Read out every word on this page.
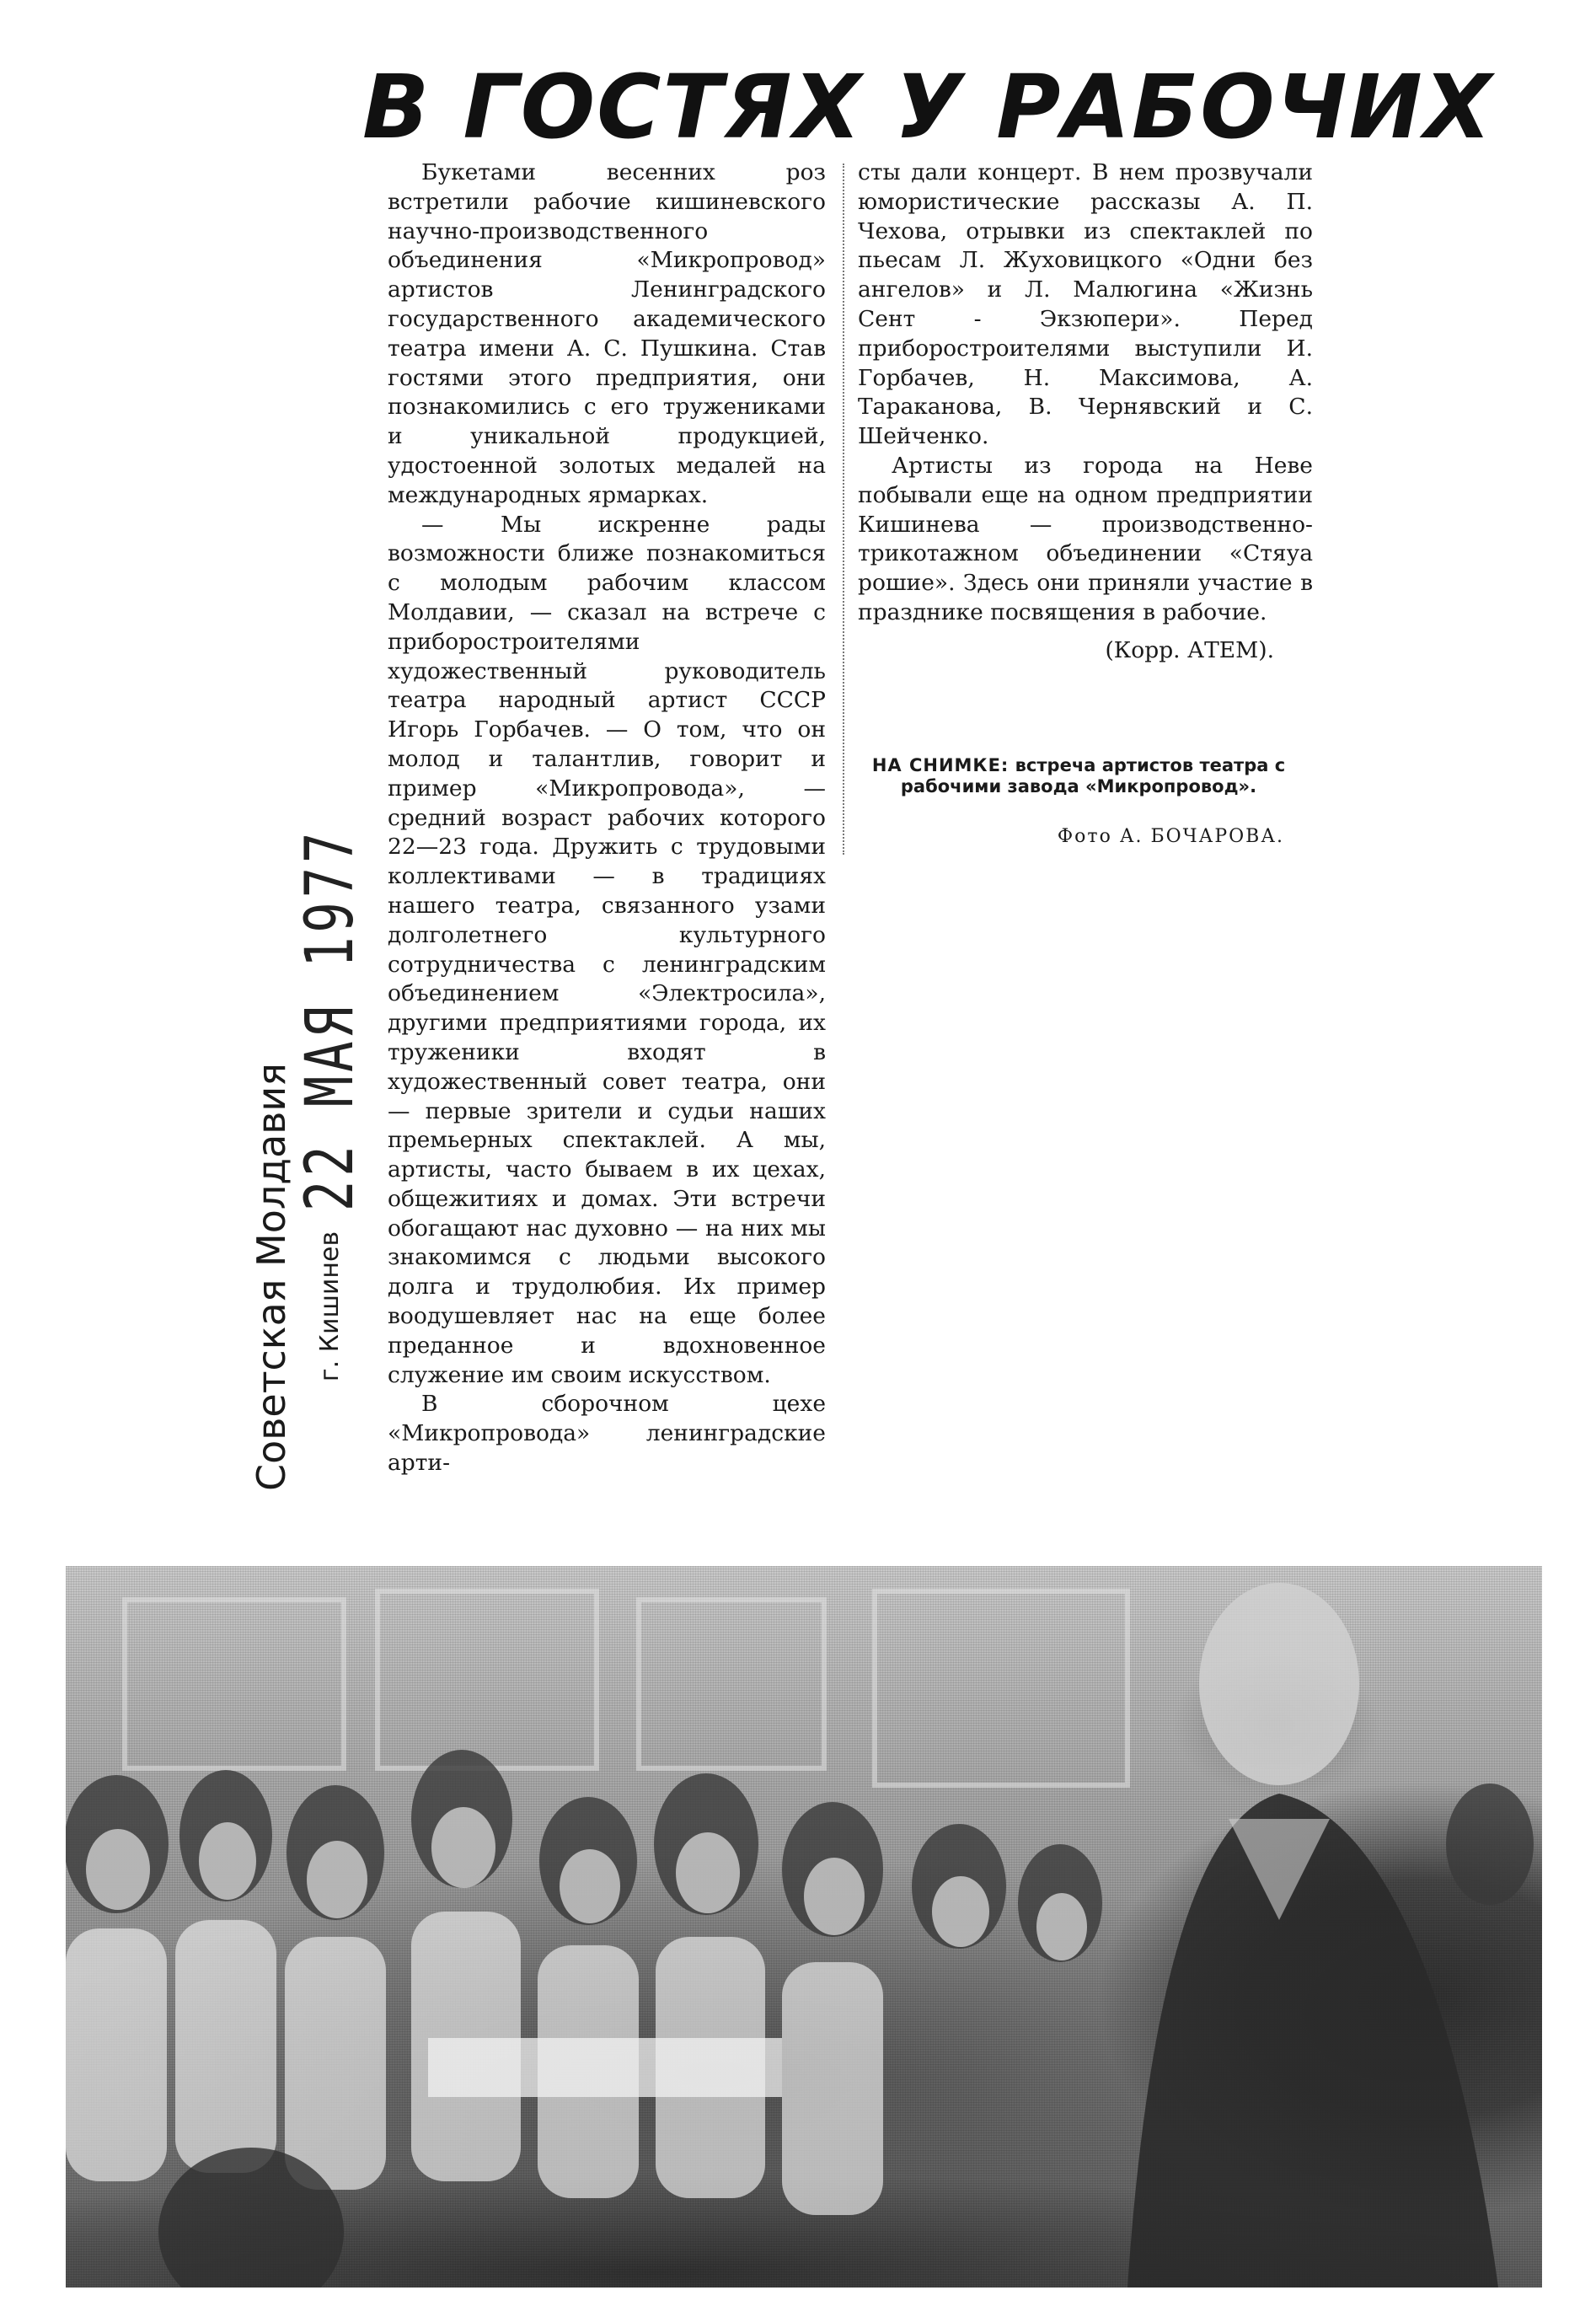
В ГОСТЯХ У РАБОЧИХ

Букетами весенних роз встретили рабочие кишиневского научно-производственного объединения «Микропровод» артистов Ленинградского государственного академического театра имени А. С. Пушкина. Став гостями этого предприятия, они познакомились с его тружениками и уникальной продукцией, удостоенной золотых медалей на международных ярмарках.

— Мы искренне рады возможности ближе познакомиться с молодым рабочим классом Молдавии, — сказал на встрече с приборостроителями художественный руководитель театра народный артист СССР Игорь Горбачев. — О том, что он молод и талантлив, говорит и пример «Микропровода», — средний возраст рабочих которого 22—23 года. Дружить с трудовыми коллективами — в традициях нашего театра, связанного узами долголетнего культурного сотрудничества с ленинградским объединением «Электросила», другими предприятиями города, их труженики входят в художественный совет театра, они — первые зрители и судьи наших премьерных спектаклей. А мы, артисты, часто бываем в их цехах, общежитиях и домах. Эти встречи обогащают нас духовно — на них мы знакомимся с людьми высокого долга и трудолюбия. Их пример воодушевляет нас на еще более преданное и вдохновенное служение им своим искусством.

В сборочном цехе «Микропровода» ленинградские арти-

сты дали концерт. В нем прозвучали юмористические рассказы А. П. Чехова, отрывки из спектаклей по пьесам Л. Жуховицкого «Одни без ангелов» и Л. Малюгина «Жизнь Сент - Экзюпери». Перед приборостроителями выступили И. Горбачев, Н. Максимова, А. Тараканова, В. Чернявский и С. Шейченко.

Артисты из города на Неве побывали еще на одном предприятии Кишинева — производственно-трикотажном объединении «Стяуа рошие». Здесь они приняли участие в празднике посвящения в рабочие.

(Корр. АТЕМ).

НА СНИМКЕ: встреча артистов театра с рабочими завода «Микропровод».
Фото А. БОЧАРОВА.
22 МАЯ 1977
Советская Молдавия г. Кишинев
